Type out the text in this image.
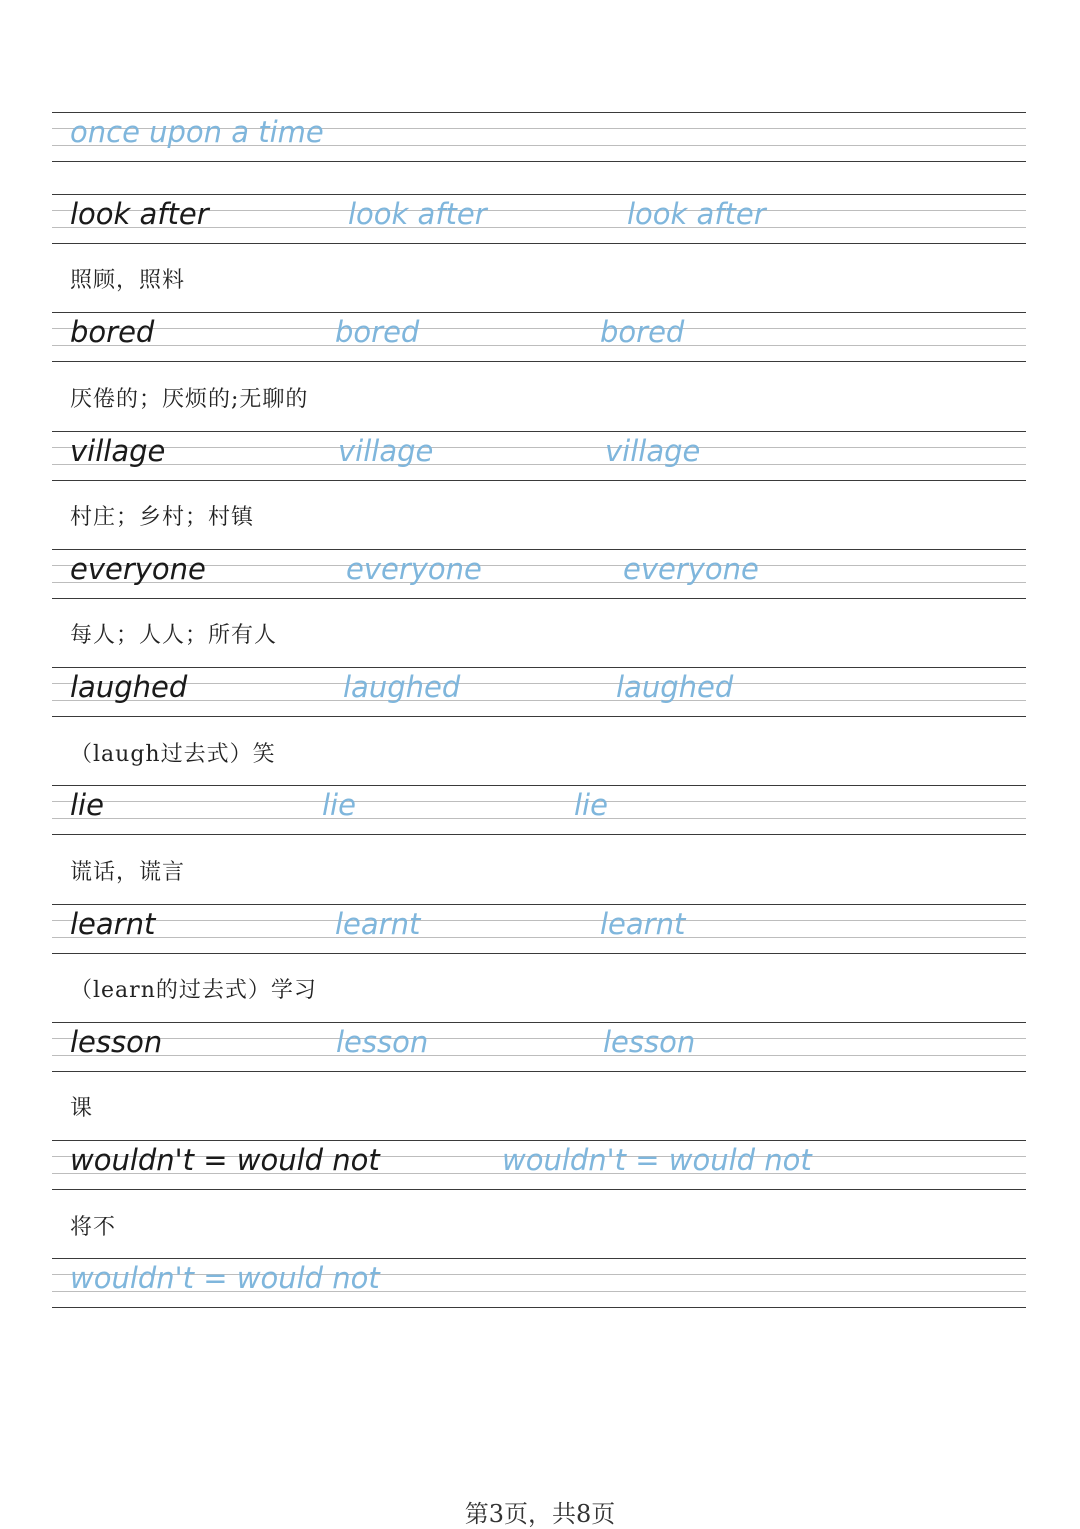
once upon a time
look after	look after	look after
照顾，照料
bored	bored	bored
厌倦的；厌烦的;无聊的
village	village	village
村庄；乡村；村镇
everyone	everyone	everyone
每人；人人；所有人
laughed	laughed	laughed
（laugh过去式）笑
lie	lie	lie
谎话，谎言
learnt	learnt	learnt
（learn的过去式）学习
lesson	lesson	lesson
课
wouldn't = would not	wouldn't = would not
将不
wouldn't = would not
第3页，共8页
